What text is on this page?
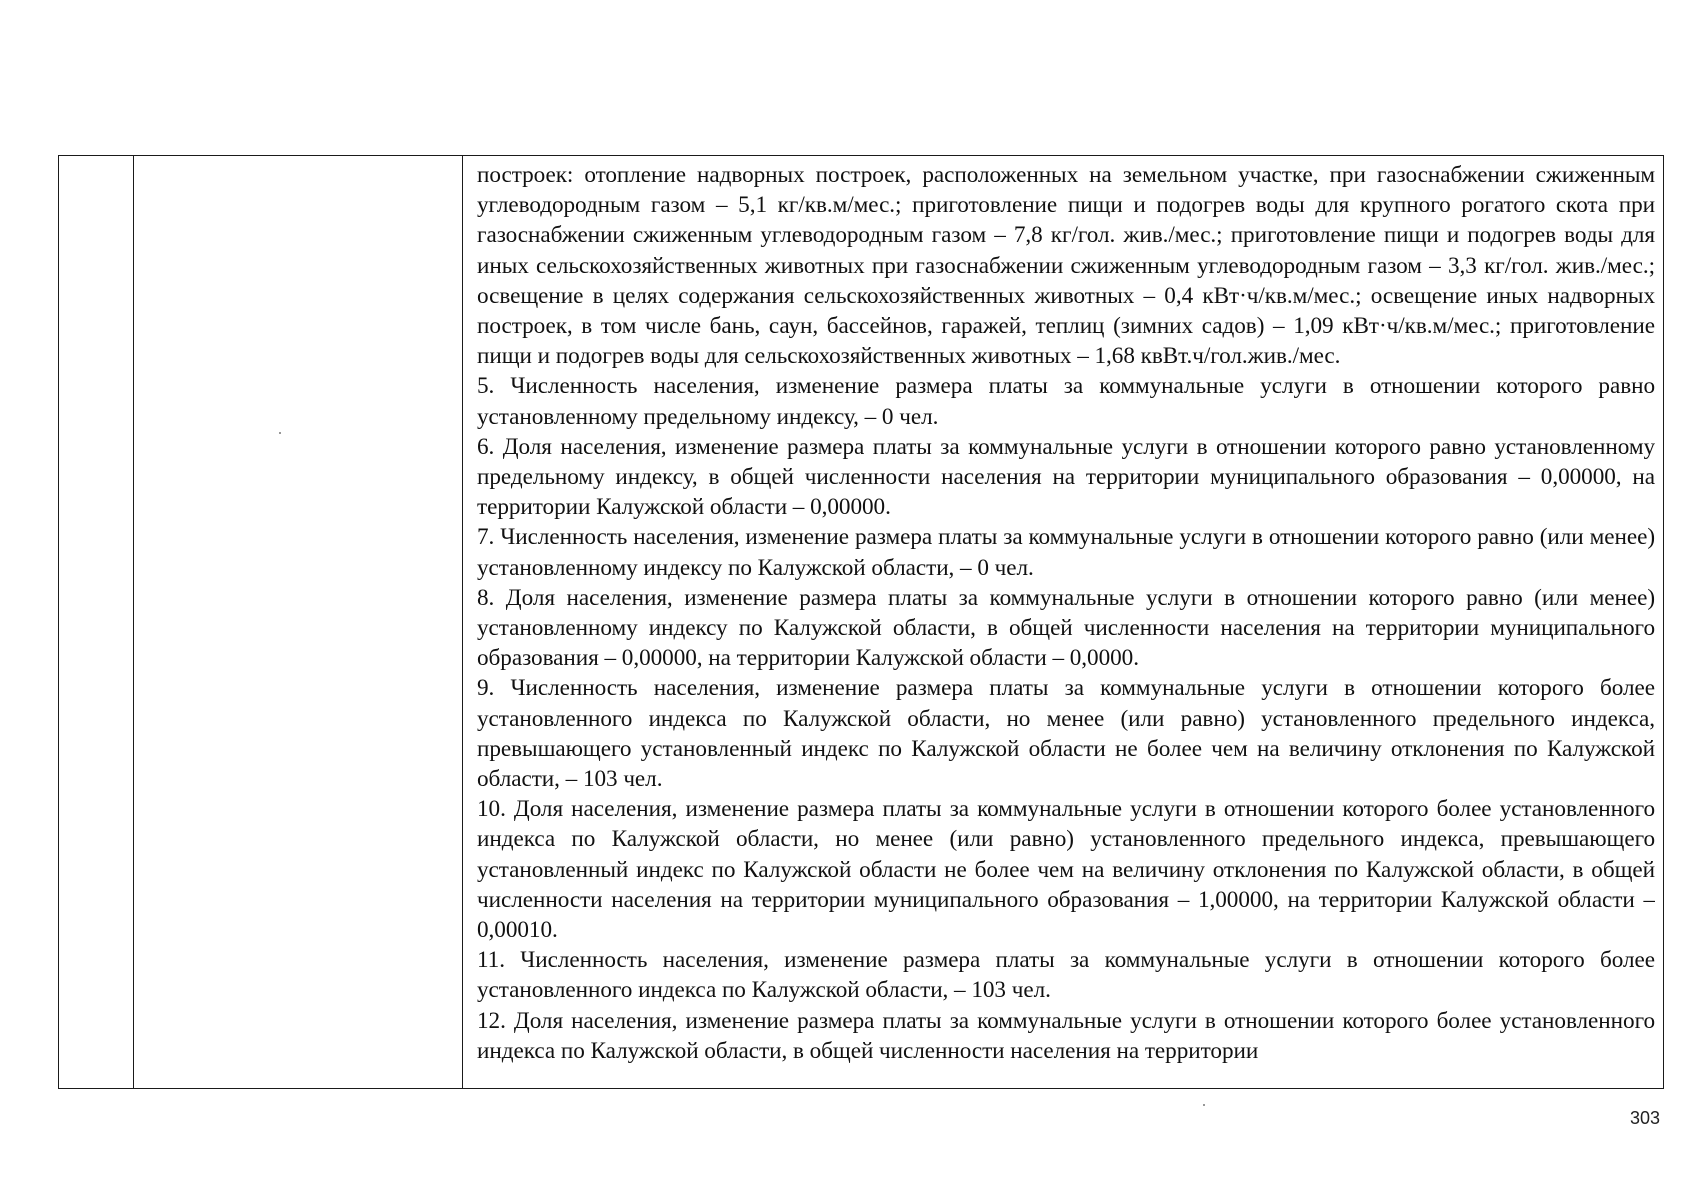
построек: отопление надворных построек, расположенных на земельном участке, при газоснабжении сжиженным углеводородным газом – 5,1 кг/кв.м/мес.; приготовление пищи и подогрев воды для крупного рогатого скота при газоснабжении сжиженным углеводородным газом – 7,8 кг/гол. жив./мес.; приготовление пищи и подогрев воды для иных сельскохозяйственных животных при газоснабжении сжиженным углеводородным газом – 3,3 кг/гол. жив./мес.; освещение в целях содержания сельскохозяйственных животных – 0,4 кВт·ч/кв.м/мес.; освещение иных надворных построек, в том числе бань, саун, бассейнов, гаражей, теплиц (зимних садов) – 1,09 кВт·ч/кв.м/мес.; приготовление пищи и подогрев воды для сельскохозяйственных животных – 1,68 квВт.ч/гол.жив./мес.

5. Численность населения, изменение размера платы за коммунальные услуги в отношении которого равно установленному предельному индексу, – 0 чел.

6. Доля населения, изменение размера платы за коммунальные услуги в отношении которого равно установленному предельному индексу, в общей численности населения на территории муниципального образования – 0,00000, на территории Калужской области – 0,00000.

7. Численность населения, изменение размера платы за коммунальные услуги в отношении которого равно (или менее) установленному индексу по Калужской области, – 0 чел.

8. Доля населения, изменение размера платы за коммунальные услуги в отношении которого равно (или менее) установленному индексу по Калужской области, в общей численности населения на территории муниципального образования – 0,00000, на территории Калужской области – 0,0000.

9. Численность населения, изменение размера платы за коммунальные услуги в отношении которого более установленного индекса по Калужской области, но менее (или равно) установленного предельного индекса, превышающего установленный индекс по Калужской области не более чем на величину отклонения по Калужской области, – 103 чел.

10. Доля населения, изменение размера платы за коммунальные услуги в отношении которого более установленного индекса по Калужской области, но менее (или равно) установленного предельного индекса, превышающего установленный индекс по Калужской области не более чем на величину отклонения по Калужской области, в общей численности населения на территории муниципального образования – 1,00000, на территории Калужской области – 0,00010.

11. Численность населения, изменение размера платы за коммунальные услуги в отношении которого более установленного индекса по Калужской области, – 103 чел.

12. Доля населения, изменение размера платы за коммунальные услуги в отношении которого более установленного индекса по Калужской области, в общей численности населения на территории

303
